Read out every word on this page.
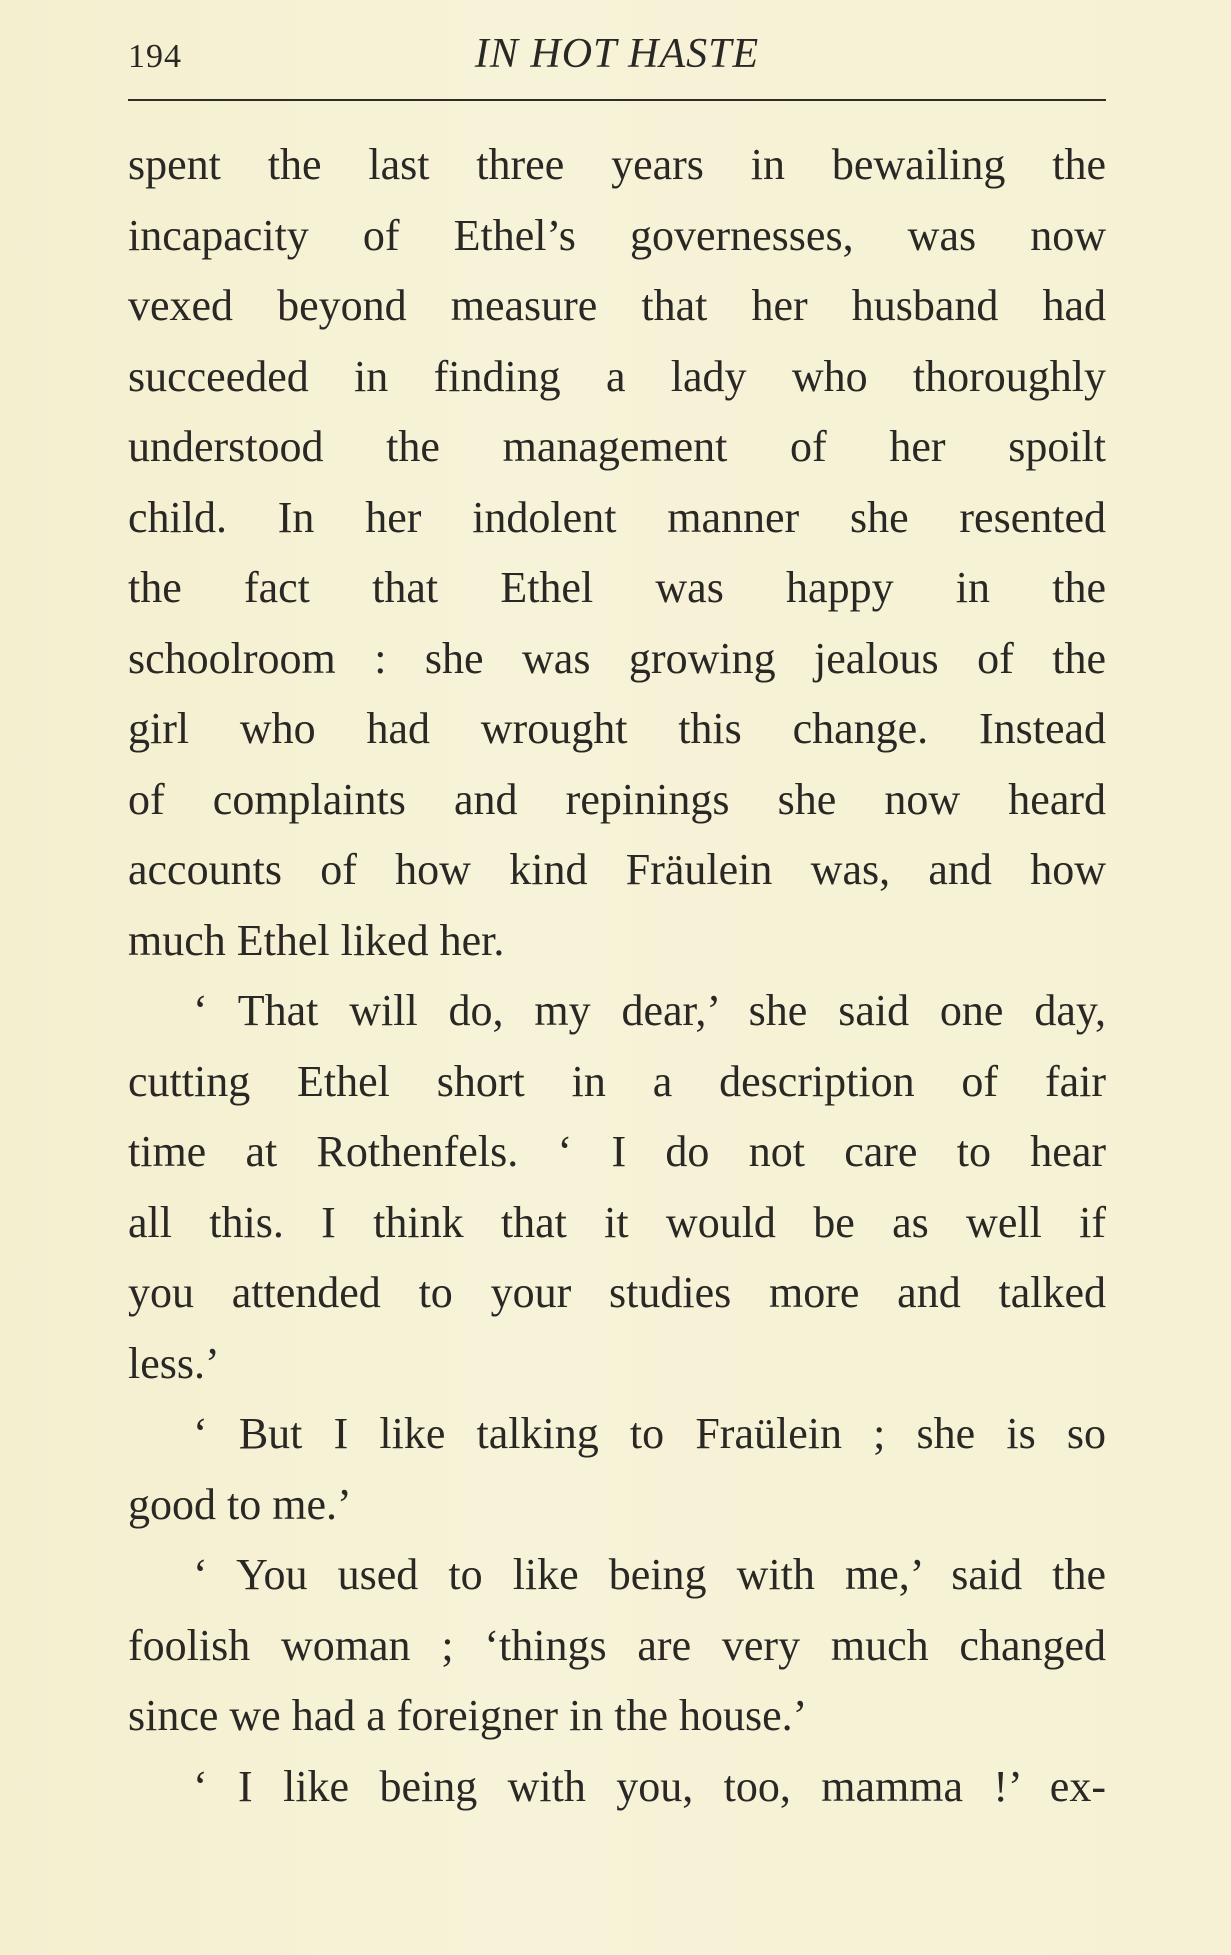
194	IN HOT HASTE
spent the last three years in bewailing the
incapacity of Ethel’s governesses, was now
vexed beyond measure that her husband had
succeeded in finding a lady who thoroughly
understood the management of her spoilt
child. In her indolent manner she resented
the fact that Ethel was happy in the
schoolroom : she was growing jealous of the
girl who had wrought this change. Instead
of complaints and repinings she now heard
accounts of how kind Fräulein was, and how
much Ethel liked her.
‘ That will do, my dear,’ she said one day,
cutting Ethel short in a description of fair
time at Rothenfels. ‘ I do not care to hear
all this. I think that it would be as well if
you attended to your studies more and talked
less.’
‘ But I like talking to Fraülein ; she is so
good to me.’
‘ You used to like being with me,’ said the
foolish woman ; ‘things are very much changed
since we had a foreigner in the house.’
‘ I like being with you, too, mamma !’ ex-
